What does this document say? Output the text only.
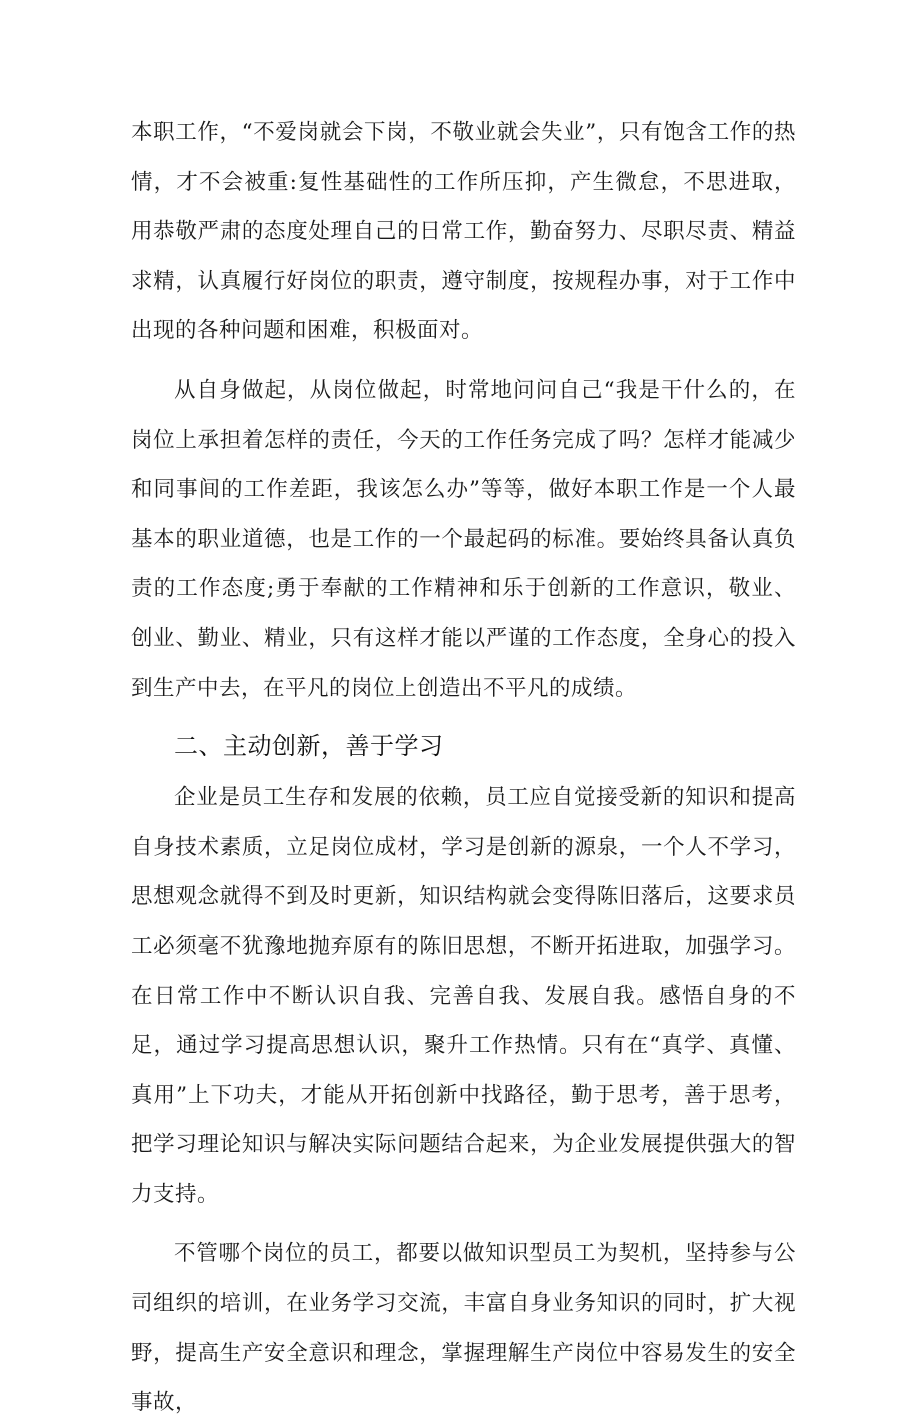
本职工作，“不爱岗就会下岗，不敬业就会失业”，只有饱含工作的热情，才不会被重:复性基础性的工作所压抑，产生微怠，不思进取，用恭敬严肃的态度处理自己的日常工作，勤奋努力、尽职尽责、精益求精，认真履行好岗位的职责，遵守制度，按规程办事，对于工作中出现的各种问题和困难，积极面对。

从自身做起，从岗位做起，时常地问问自己“我是干什么的，在岗位上承担着怎样的责任，今天的工作任务完成了吗？怎样才能减少和同事间的工作差距，我该怎么办”等等，做好本职工作是一个人最基本的职业道德，也是工作的一个最起码的标准。要始终具备认真负责的工作态度;勇于奉献的工作精神和乐于创新的工作意识，敬业、创业、勤业、精业，只有这样才能以严谨的工作态度，全身心的投入到生产中去，在平凡的岗位上创造出不平凡的成绩。

二、主动创新，善于学习

企业是员工生存和发展的依赖，员工应自觉接受新的知识和提高自身技术素质，立足岗位成材，学习是创新的源泉，一个人不学习，思想观念就得不到及时更新，知识结构就会变得陈旧落后，这要求员工必须毫不犹豫地抛弃原有的陈旧思想，不断开拓进取，加强学习。在日常工作中不断认识自我、完善自我、发展自我。感悟自身的不足，通过学习提高思想认识，聚升工作热情。只有在“真学、真懂、真用”上下功夫，才能从开拓创新中找路径，勤于思考，善于思考，把学习理论知识与解决实际问题结合起来，为企业发展提供强大的智力支持。

不管哪个岗位的员工，都要以做知识型员工为契机，坚持参与公司组织的培训，在业务学习交流，丰富自身业务知识的同时，扩大视野，提高生产安全意识和理念，掌握理解生产岗位中容易发生的安全事故，
